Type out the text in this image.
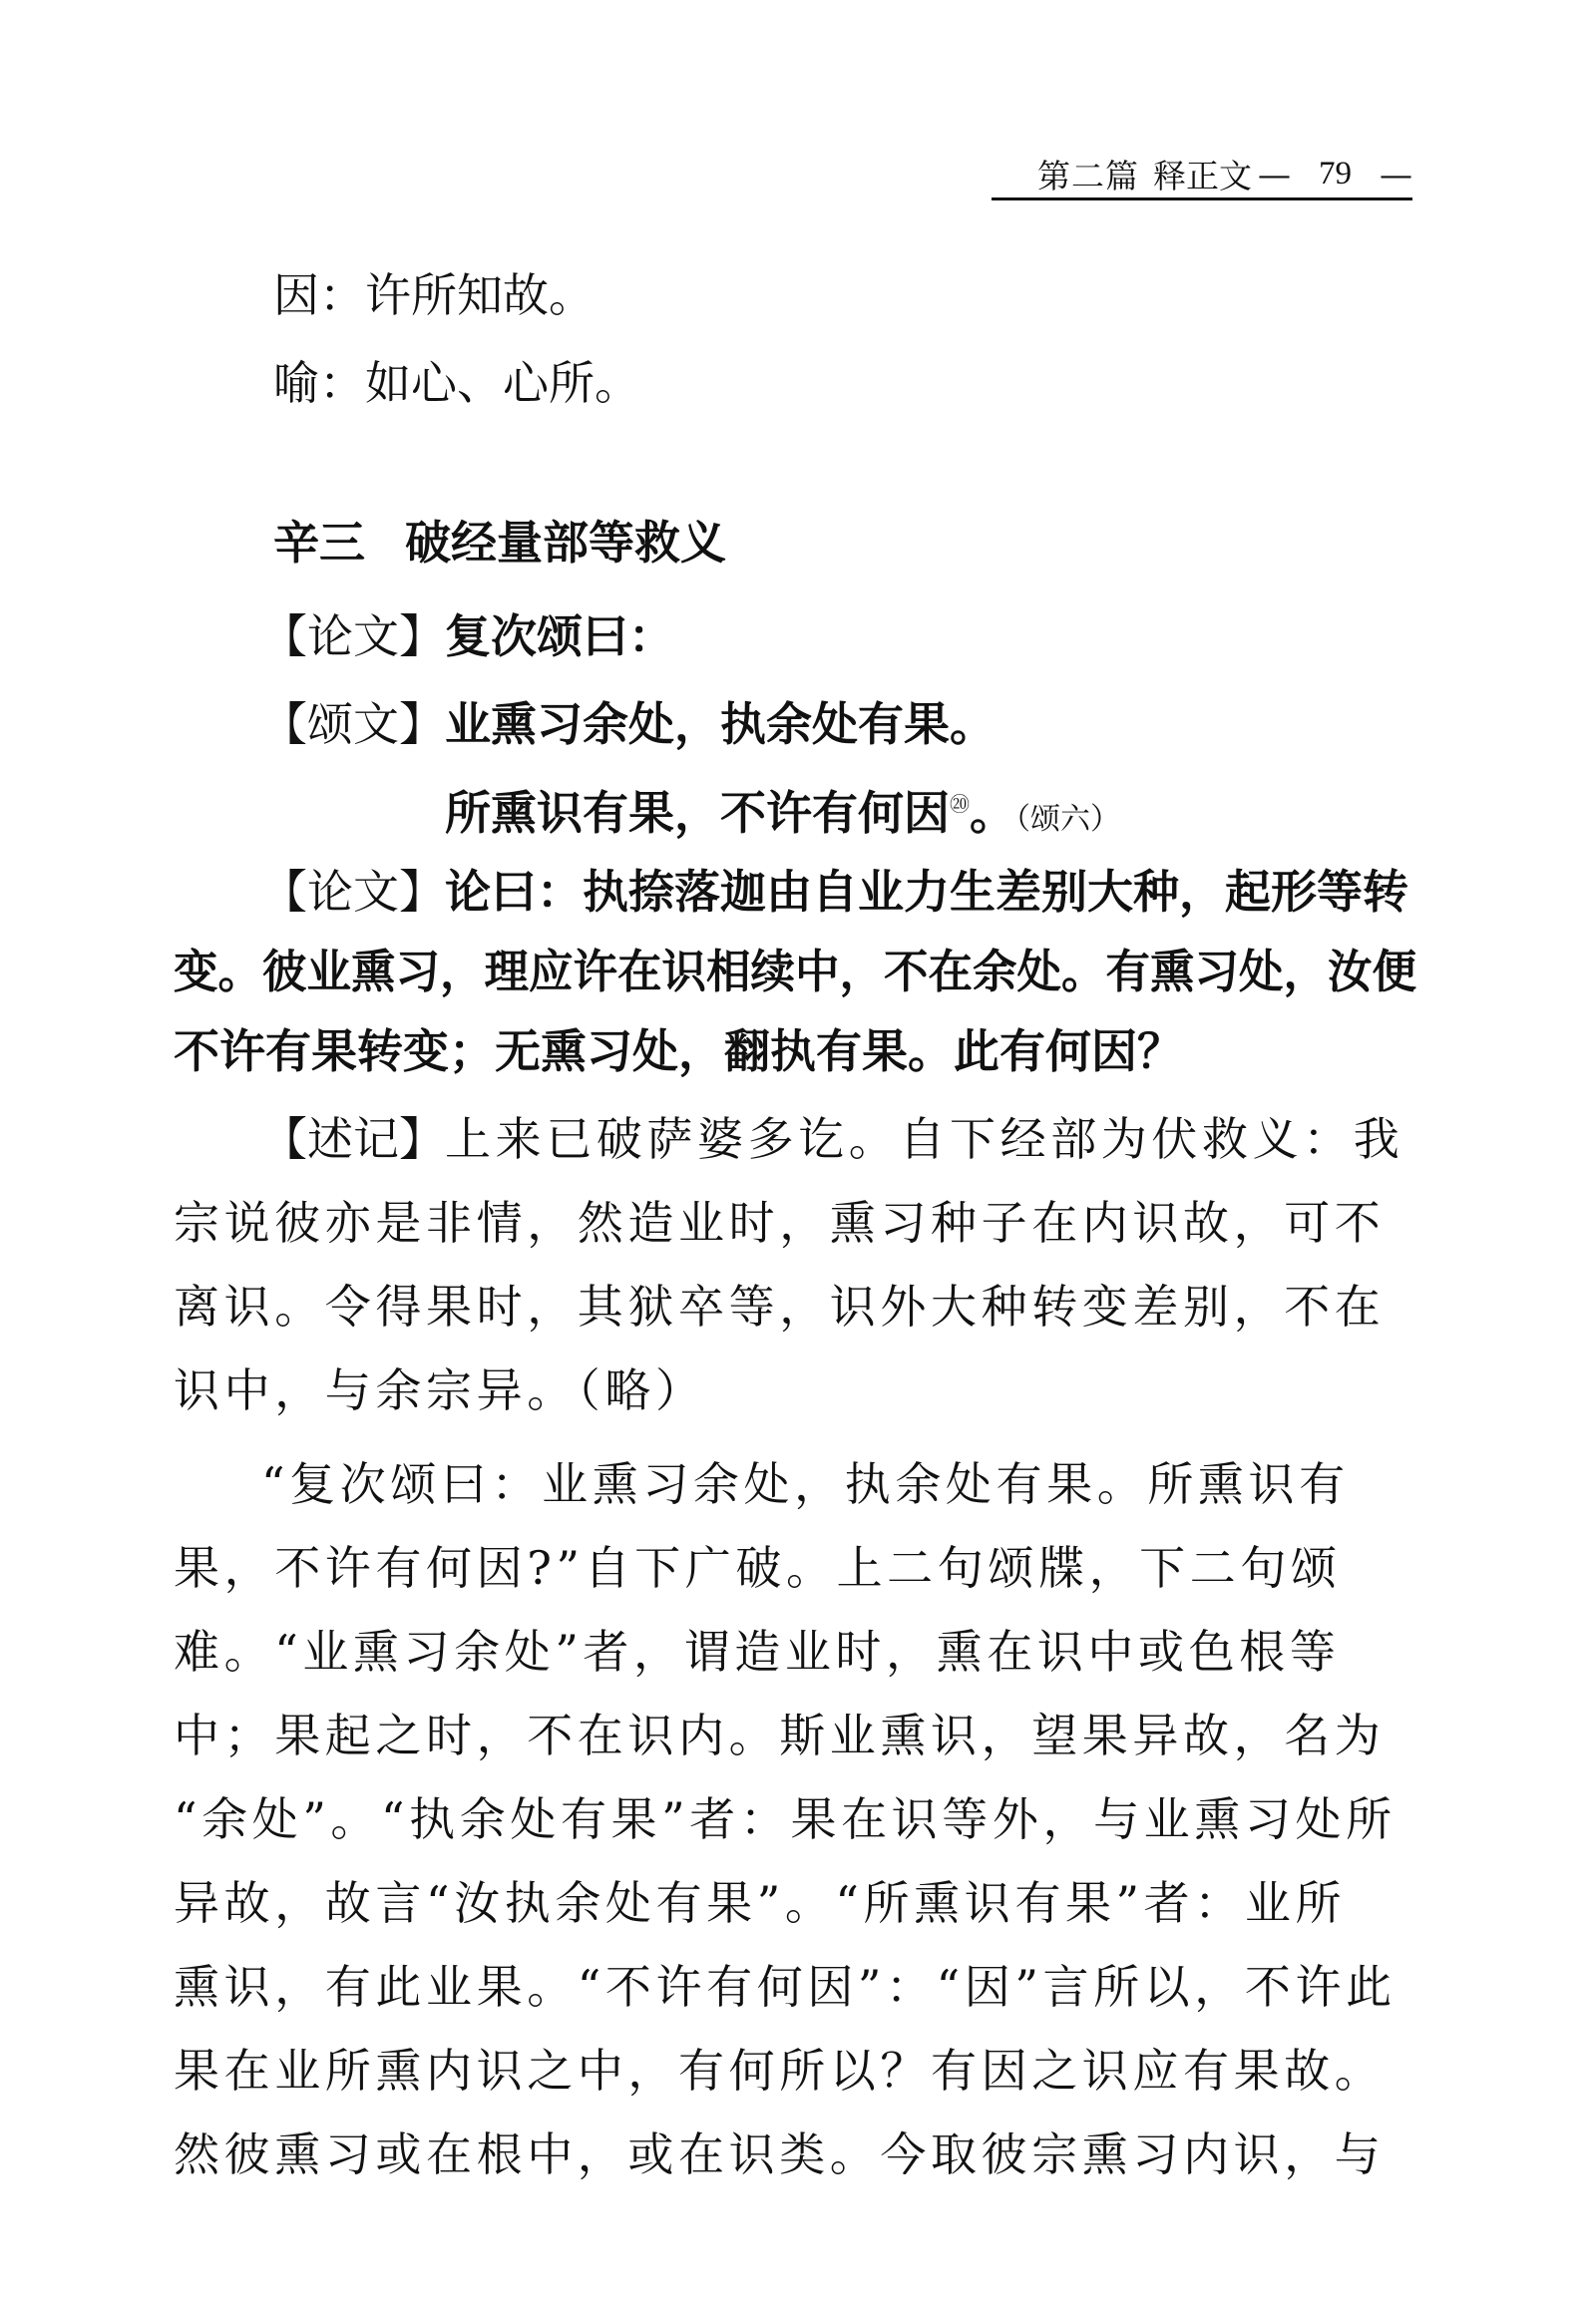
第二篇 释正文 — 79 —
因：许所知故。
喻：如心、心所。
辛三 破经量部等救义
【论文】复次颂曰：
【颂文】业熏习余处，执余处有果。
所熏识有果，不许有何因⑳。（颂六）
【论文】论曰：执捺落迦由自业力生差别大种，起形等转
变。彼业熏习，理应许在识相续中，不在余处。有熏习处，汝便
不许有果转变；无熏习处，翻执有果。此有何因？
【述记】上来已破萨婆多讫。自下经部为伏救义：我
宗说彼亦是非情，然造业时，熏习种子在内识故，可不
离识。令得果时，其狱卒等，识外大种转变差别，不在
识中，与余宗异。（略）
“复次颂曰：业熏习余处，执余处有果。所熏识有
果，不许有何因?”自下广破。上二句颂牒，下二句颂
难。“业熏习余处”者，谓造业时，熏在识中或色根等
中；果起之时，不在识内。斯业熏识，望果异故，名为
“余处”。“执余处有果”者：果在识等外，与业熏习处所
异故，故言“汝执余处有果”。“所熏识有果”者：业所
熏识，有此业果。“不许有何因”：“因”言所以，不许此
果在业所熏内识之中，有何所以？有因之识应有果故。
然彼熏习或在根中，或在识类。今取彼宗熏习内识，与
